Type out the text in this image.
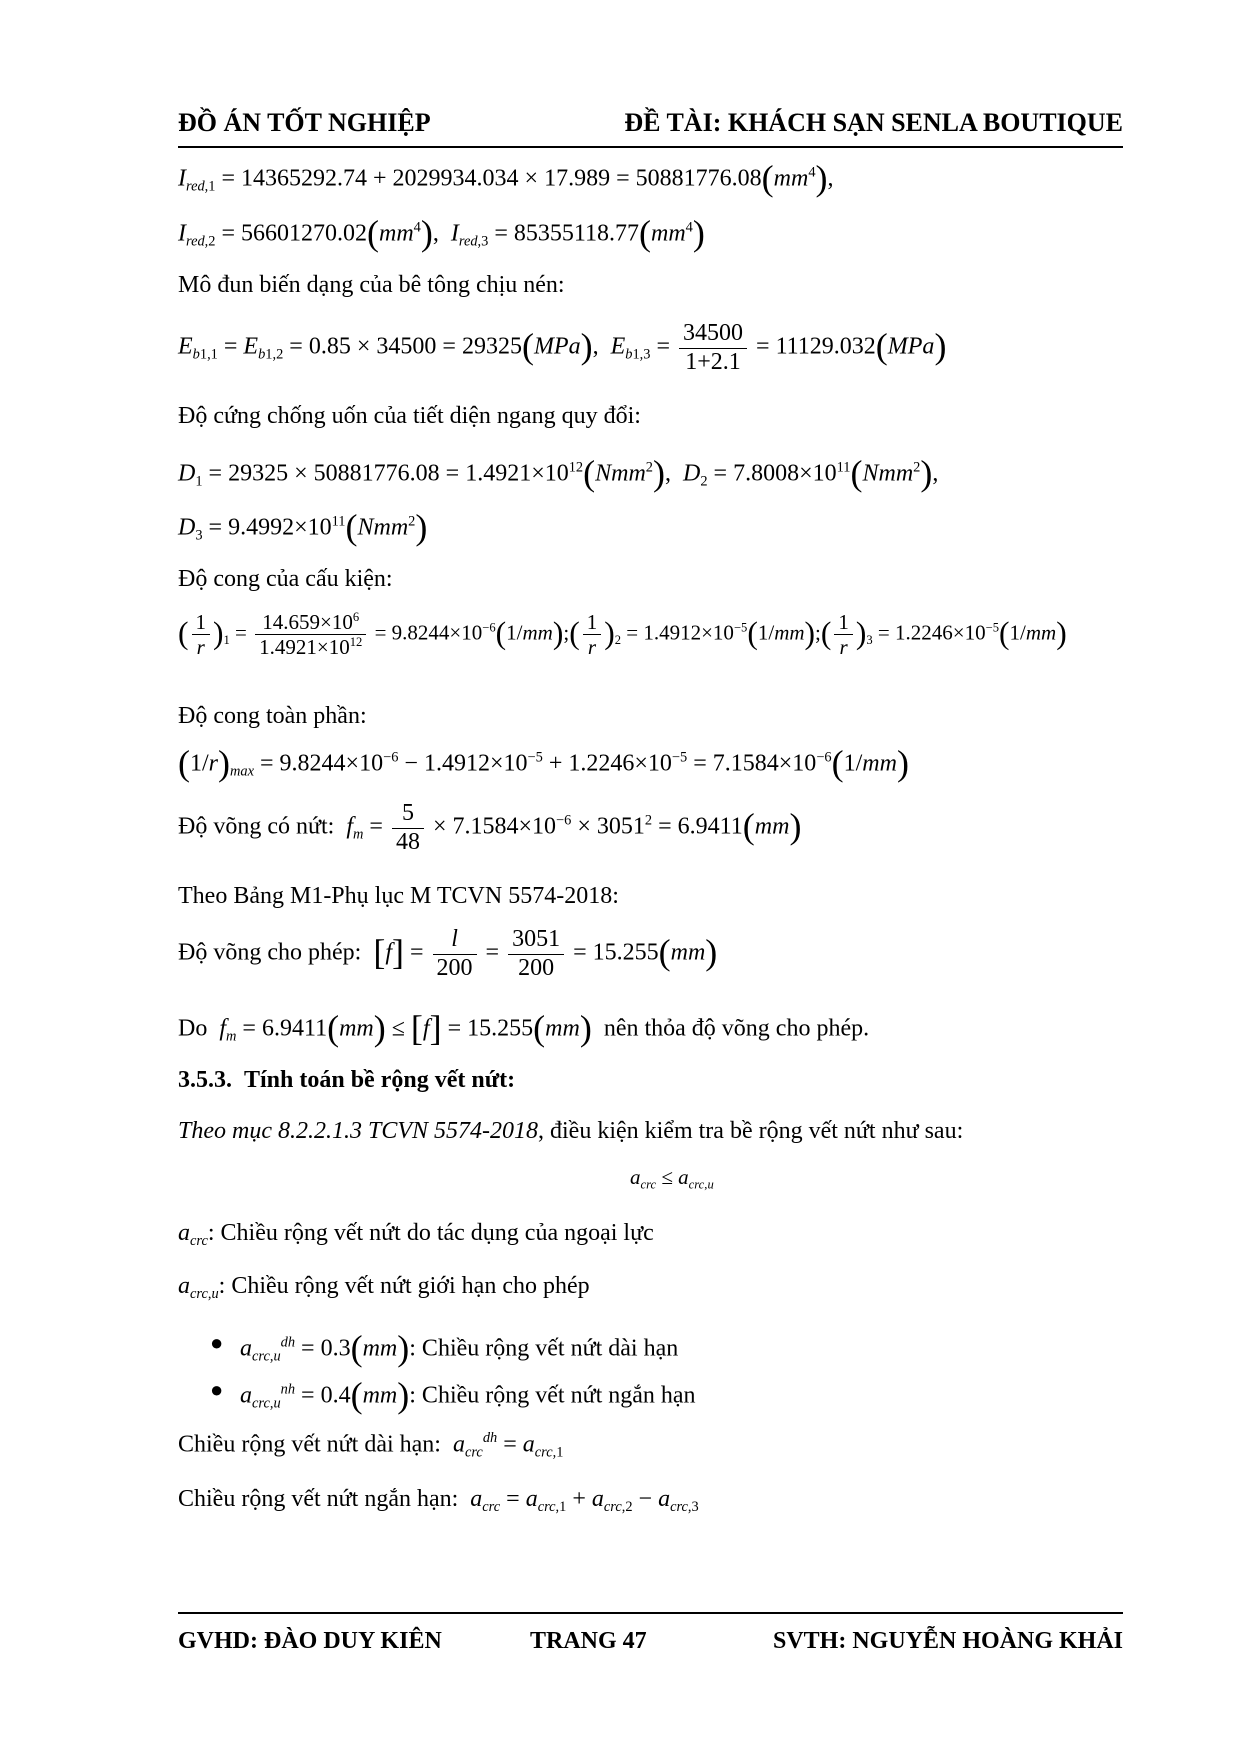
ĐỒ ÁN TỐT NGHIỆP	ĐỀ TÀI: KHÁCH SẠN SENLA BOUTIQUE
$I_{red,1} = 14365292.74 + 2029934.034 \times 17.989 = 50881776.08(mm^4)$,
$I_{red,2} = 56601270.02(mm^4)$,  $I_{red,3} = 85355118.77(mm^4)$
Mô đun biến dạng của bê tông chịu nén:
$E_{b1,1} = E_{b1,2} = 0.85 \times 34500 = 29325(MPa)$,  $E_{b1,3} = \frac{34500}{1+2.1} = 11129.032(MPa)$
Độ cứng chống uốn của tiết diện ngang quy đổi:
$D_1 = 29325 \times 50881776.08 = 1.4921\times 10^{12}(Nmm^2)$,  $D_2 = 7.8008\times 10^{11}(Nmm^2)$,
$D_3 = 9.4992\times 10^{11}(Nmm^2)$
Độ cong của cấu kiện:
( $\frac{1}{r} )_1 = \frac{14.659\times 10^6}{1.4921\times 10^{12}}$ = $9.8244\times 10^{-6}(1/mm);( \frac{1}{r} )_2$ = $1.4912\times 10^{-5}(1/mm);( \frac{1}{r} )_3 = 1.2246\times 10^{-5}(1/mm)$
Độ cong toàn phần:
$(1/r)_{max} = 9.8244\times 10^{-6} - 1.4912\times 10^{-5} + 1.2246\times 10^{-5} = 7.1584\times 10^{-6}(1/mm)$
Độ võng có nứt: $f_m = \frac{5}{48} \times 7.1584\times 10^{-6} \times 3051^2 = 6.9411(mm)$
Theo Bảng M1-Phụ lục M TCVN 5574-2018:
Độ võng cho phép: $[f] = \frac{l}{200} = \frac{3051}{200} = 15.255(mm)$
Do $f_m = 6.9411(mm) \le [f] = 15.255(mm)$ nên thỏa độ võng cho phép.
3.5.3. Tính toán bề rộng vết nứt:
Theo mục 8.2.2.1.3 TCVN 5574-2018, điều kiện kiểm tra bề rộng vết nứt như sau:
$a_{crc} \le a_{crc,u}$
$a_{crc}$: Chiều rộng vết nứt do tác dụng của ngoại lực
$a_{crc,u}$: Chiều rộng vết nứt giới hạn cho phép
● $a_{crc,u}^{dh} = 0.3(mm)$: Chiều rộng vết nứt dài hạn
● $a_{crc,u}^{nh} = 0.4(mm)$: Chiều rộng vết nứt ngắn hạn
Chiều rộng vết nứt dài hạn: $a_{crc}^{dh} = a_{crc,1}$
Chiều rộng vết nứt ngắn hạn: $a_{crc} = a_{crc,1} + a_{crc,2} - a_{crc,3}$
GVHD: ĐÀO DUY KIÊN	TRANG 47	SVTH: NGUYỄN HOÀNG KHẢI
